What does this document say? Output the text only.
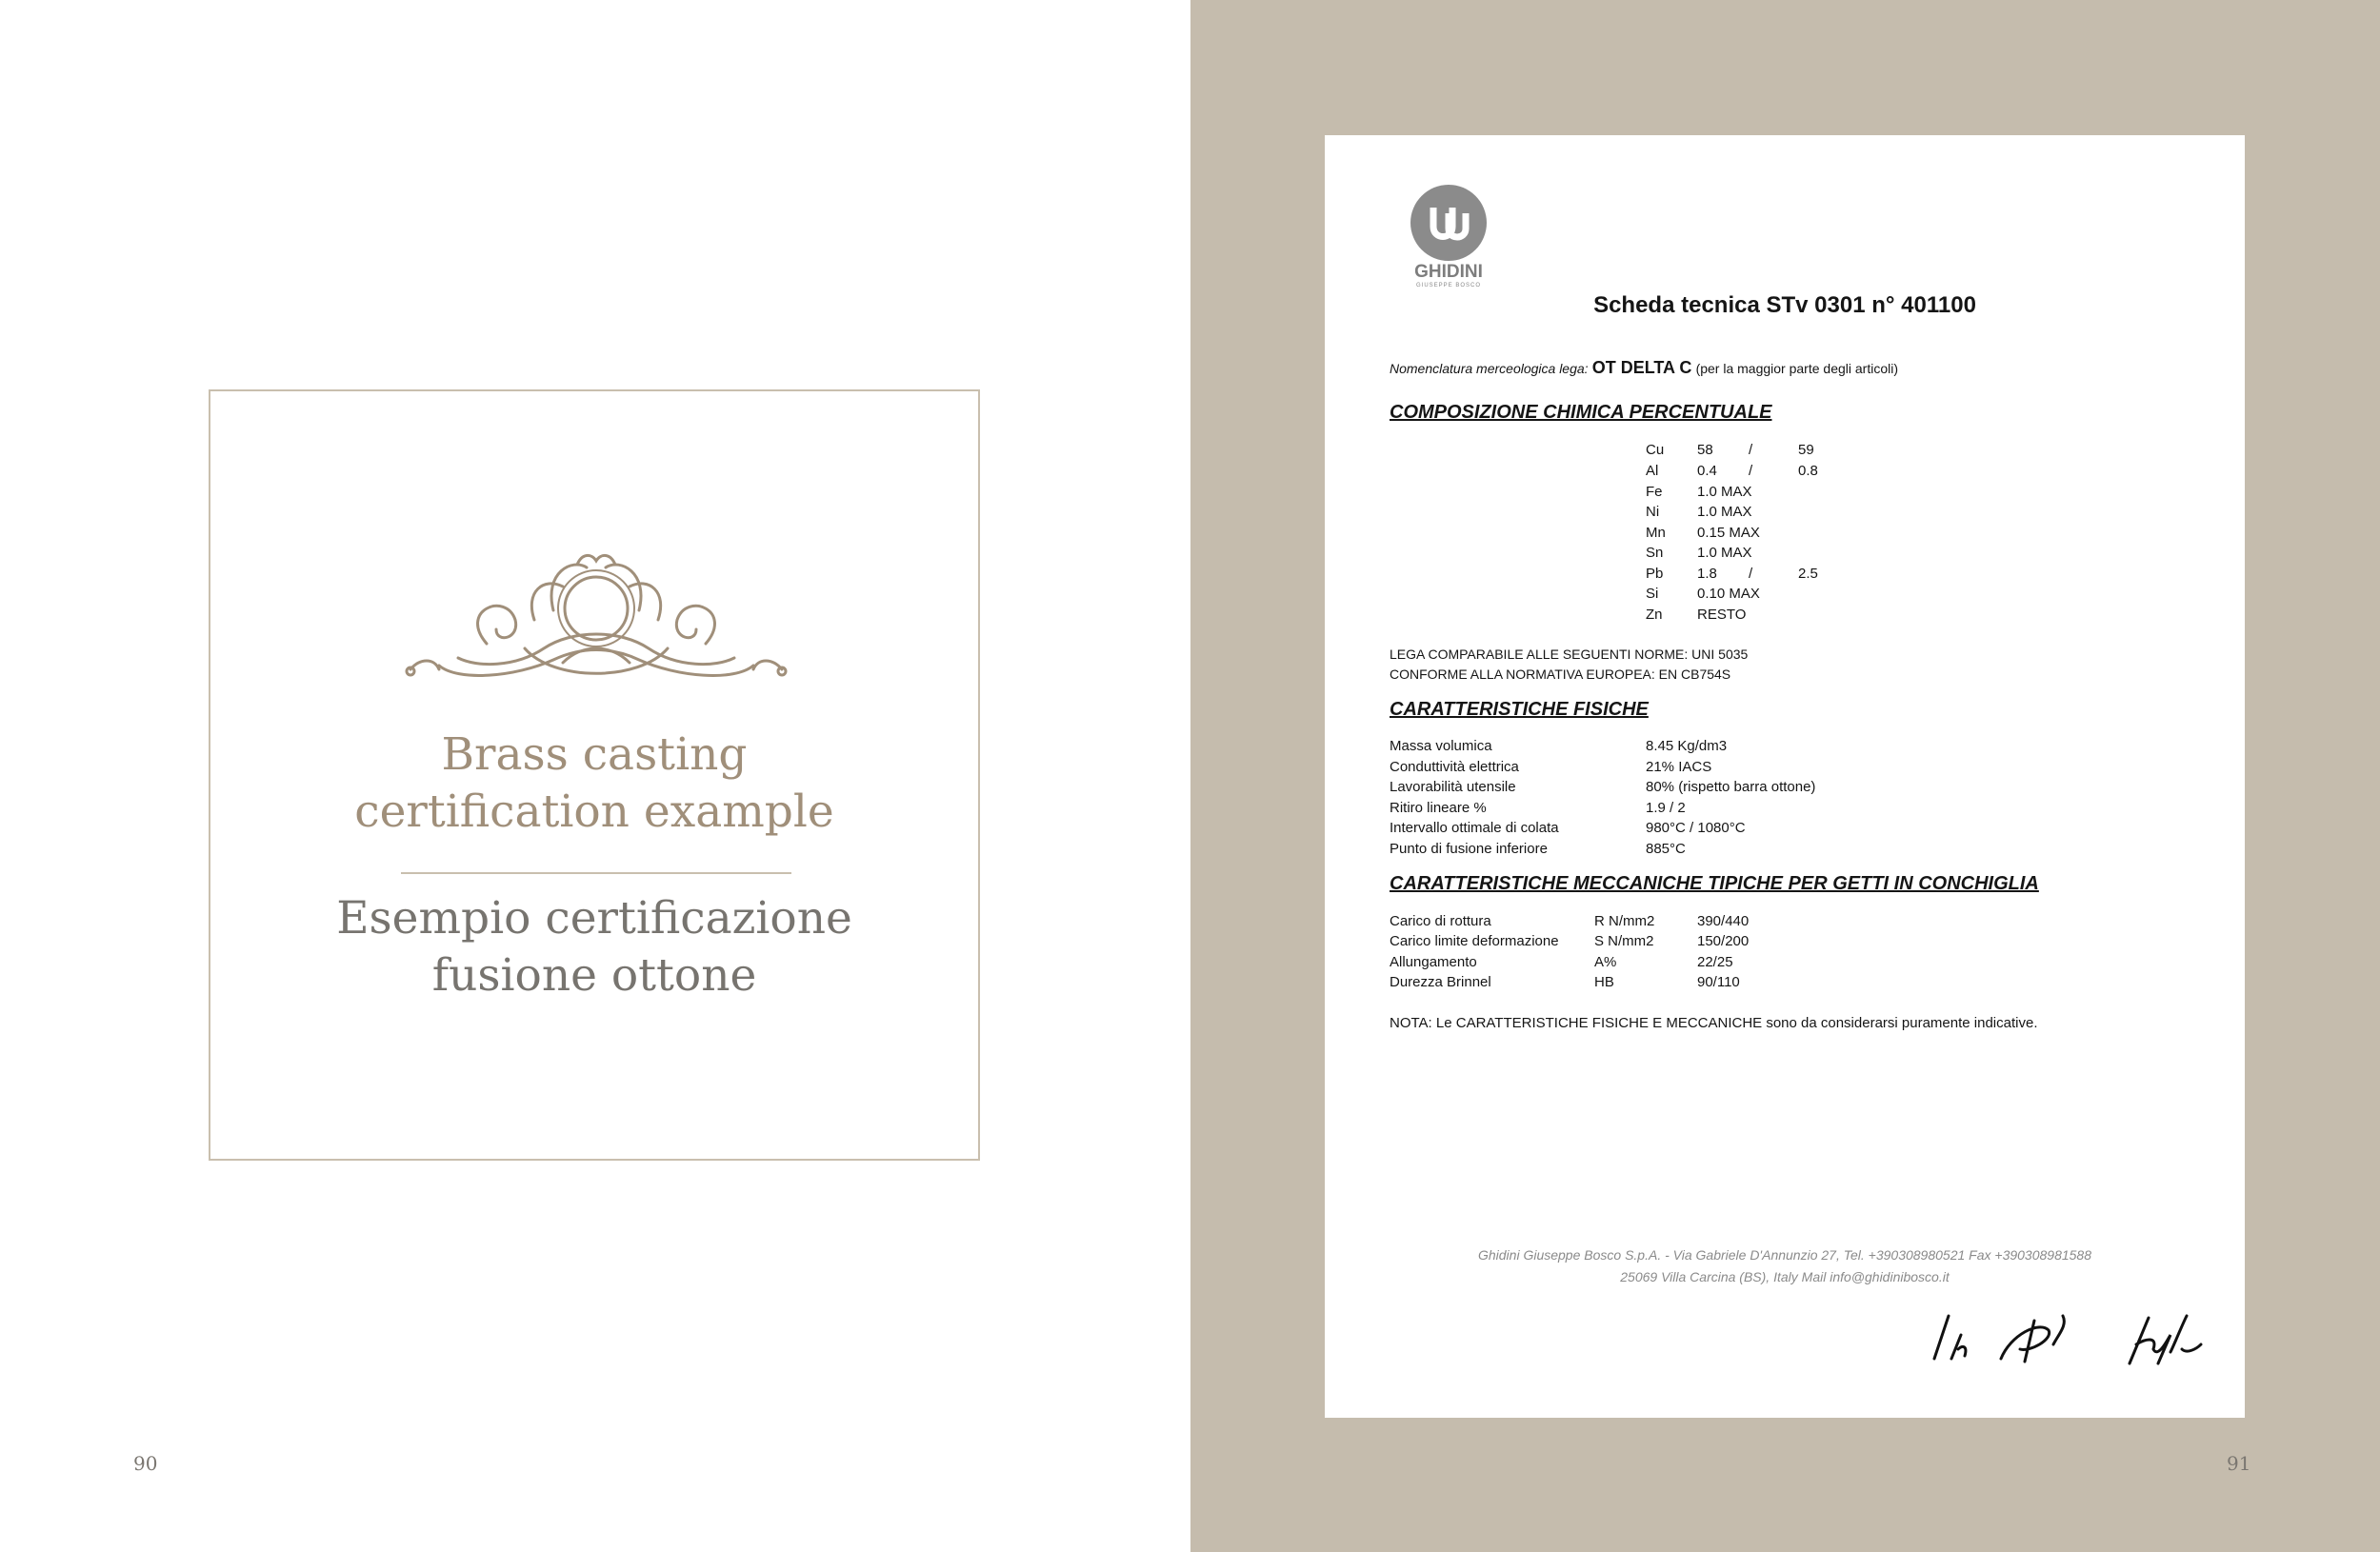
Brass casting
certification example
Esempio certificazione
fusione ottone
90	91
GHIDINI
GIUSEPPE BOSCO
Scheda tecnica STv 0301 n° 401100
Nomenclatura merceologica lega: OT DELTA C (per la maggior parte degli articoli)
COMPOSIZIONE CHIMICA PERCENTUALE
Cu 58 /	59
Al	0.4 /	0.8
Fe 1.0 MAX
Ni	1.0 MAX
Mn 0.15 MAX
Sn 1.0 MAX
Pb 1.8 /	2.5
Si	0.10 MAX
Zn RESTO
LEGA COMPARABILE ALLE SEGUENTI NORME: UNI 5035
CONFORME ALLA NORMATIVA EUROPEA: EN CB754S
CARATTERISTICHE FISICHE
Massa volumica	8.45 Kg/dm3
Conduttività elettrica	21% IACS
Lavorabilità utensile	80% (rispetto barra ottone)
Ritiro lineare %	1.9 / 2
Intervallo ottimale di colata	980°C / 1080°C
Punto di fusione inferiore	885°C
CARATTERISTICHE MECCANICHE TIPICHE PER GETTI IN CONCHIGLIA
Carico di rottura	R N/mm2	390/440
Carico limite deformazione S N/mm2	150/200
Allungamento	A%	22/25
Durezza Brinnel	HB	90/110
NOTA: Le CARATTERISTICHE FISICHE E MECCANICHE sono da considerarsi puramente indicative.
Ghidini Giuseppe Bosco S.p.A. - Via Gabriele D'Annunzio 27, Tel. +390308980521 Fax +390308981588
25069 Villa Carcina (BS), Italy Mail info@ghidinibosco.it
